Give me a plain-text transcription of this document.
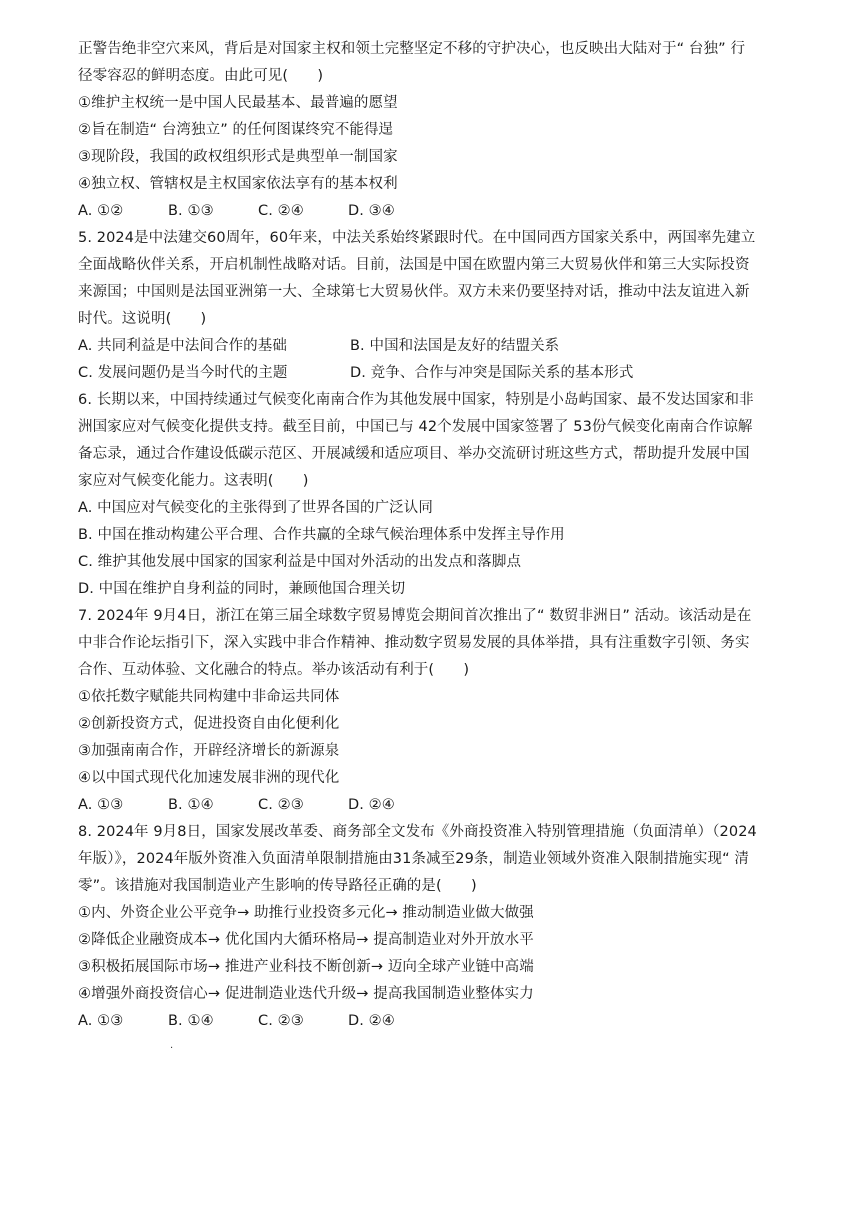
正警告绝非空穴来风，背后是对国家主权和领土完整坚定不移的守护决心，也反映出大陆对于“ 台独” 行
径零容忍的鲜明态度。由此可见(　　)
①维护主权统一是中国人民最基本、最普遍的愿望
②旨在制造“ 台湾独立” 的任何图谋终究不能得逞
③现阶段，我国的政权组织形式是典型单一制国家
④独立权、管辖权是主权国家依法享有的基本权利
A. ①②	B. ①③	C. ②④	D. ③④
5. 2024是中法建交60周年，60年来，中法关系始终紧跟时代。在中国同西方国家关系中，两国率先建立
全面战略伙伴关系，开启机制性战略对话。目前，法国是中国在欧盟内第三大贸易伙伴和第三大实际投资
来源国；中国则是法国亚洲第一大、全球第七大贸易伙伴。双方未来仍要坚持对话，推动中法友谊进入新
时代。这说明(　　)
A. 共同利益是中法间合作的基础	B. 中国和法国是友好的结盟关系
C. 发展问题仍是当今时代的主题	D. 竞争、合作与冲突是国际关系的基本形式
6. 长期以来，中国持续通过气候变化南南合作为其他发展中国家，特别是小岛屿国家、最不发达国家和非
洲国家应对气候变化提供支持。截至目前，中国已与 42个发展中国家签署了 53份气候变化南南合作谅解
备忘录，通过合作建设低碳示范区、开展减缓和适应项目、举办交流研讨班这些方式，帮助提升发展中国
家应对气候变化能力。这表明(　　)
A. 中国应对气候变化的主张得到了世界各国的广泛认同
B. 中国在推动构建公平合理、合作共赢的全球气候治理体系中发挥主导作用
C. 维护其他发展中国家的国家利益是中国对外活动的出发点和落脚点
D. 中国在维护自身利益的同时，兼顾他国合理关切
7. 2024年 9月4日，浙江在第三届全球数字贸易博览会期间首次推出了“ 数贸非洲日” 活动。该活动是在
中非合作论坛指引下，深入实践中非合作精神、推动数字贸易发展的具体举措，具有注重数字引领、务实
合作、互动体验、文化融合的特点。举办该活动有利于(　　)
①依托数字赋能共同构建中非命运共同体
②创新投资方式，促进投资自由化便利化
③加强南南合作，开辟经济增长的新源泉
④以中国式现代化加速发展非洲的现代化
A. ①③	B. ①④	C. ②③	D. ②④
8. 2024年 9月8日，国家发展改革委、商务部全文发布《外商投资准入特别管理措施（负面清单）（2024
年版）》，2024年版外资准入负面清单限制措施由31条减至29条，制造业领域外资准入限制措施实现“ 清
零”。该措施对我国制造业产生影响的传导路径正确的是(　　)
①内、外资企业公平竞争→ 助推行业投资多元化→ 推动制造业做大做强
②降低企业融资成本→ 优化国内大循环格局→ 提高制造业对外开放水平
③积极拓展国际市场→ 推进产业科技不断创新→ 迈向全球产业链中高端
④增强外商投资信心→ 促进制造业迭代升级→ 提高我国制造业整体实力
A. ①③	B. ①④	C. ②③	D. ②④
.
